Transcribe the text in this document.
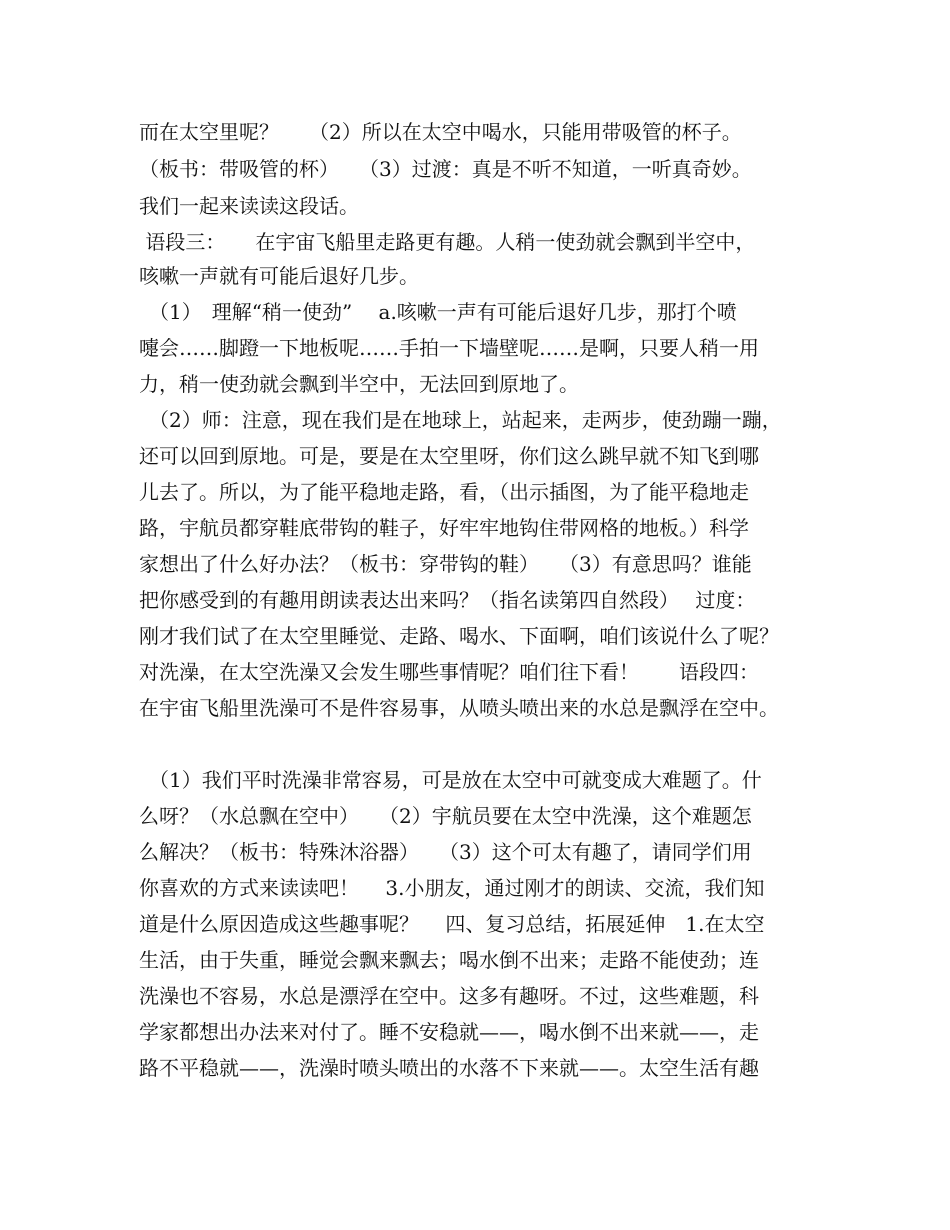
而在太空里呢？　　（2）所以在太空中喝水，只能用带吸管的杯子。
（板书：带吸管的杯）　　（3）过渡：真是不听不知道，一听真奇妙。
我们一起来读读这段话。
语段三：　　在宇宙飞船里走路更有趣。人稍一使劲就会飘到半空中，
咳嗽一声就有可能后退好几步。
　（1）　理解“稍一使劲”　 a.咳嗽一声有可能后退好几步，那打个喷
嚏会……脚蹬一下地板呢……手拍一下墙壁呢……是啊，只要人稍一用
力，稍一使劲就会飘到半空中，无法回到原地了。
　（2）师：注意，现在我们是在地球上，站起来，走两步，使劲蹦一蹦，
还可以回到原地。可是，要是在太空里呀，你们这么跳早就不知飞到哪
儿去了。所以，为了能平稳地走路，看，（出示插图，为了能平稳地走
路，宇航员都穿鞋底带钩的鞋子，好牢牢地钩住带网格的地板。）科学
家想出了什么好办法？（板书：穿带钩的鞋）　　（3）有意思吗？谁能
把你感受到的有趣用朗读表达出来吗？（指名读第四自然段）　 过度：
刚才我们试了在太空里睡觉、走路、喝水、下面啊，咱们该说什么了呢？
对洗澡，在太空洗澡又会发生哪些事情呢？咱们往下看！　　语段四：
在宇宙飞船里洗澡可不是件容易事，从喷头喷出来的水总是飘浮在空中。
　（1）我们平时洗澡非常容易，可是放在太空中可就变成大难题了。什
么呀？（水总飘在空中）　　（2）宇航员要在太空中洗澡，这个难题怎
么解决？（板书：特殊沐浴器）　　（3）这个可太有趣了，请同学们用
你喜欢的方式来读读吧！　 3.小朋友，通过刚才的朗读、交流，我们知
道是什么原因造成这些趣事呢？　 四、复习总结，拓展延伸　1.在太空
生活，由于失重，睡觉会飘来飘去；喝水倒不出来；走路不能使劲；连
洗澡也不容易，水总是漂浮在空中。这多有趣呀。不过，这些难题，科
学家都想出办法来对付了。睡不安稳就——，喝水倒不出来就——，走
路不平稳就——，洗澡时喷头喷出的水落不下来就——。太空生活有趣
